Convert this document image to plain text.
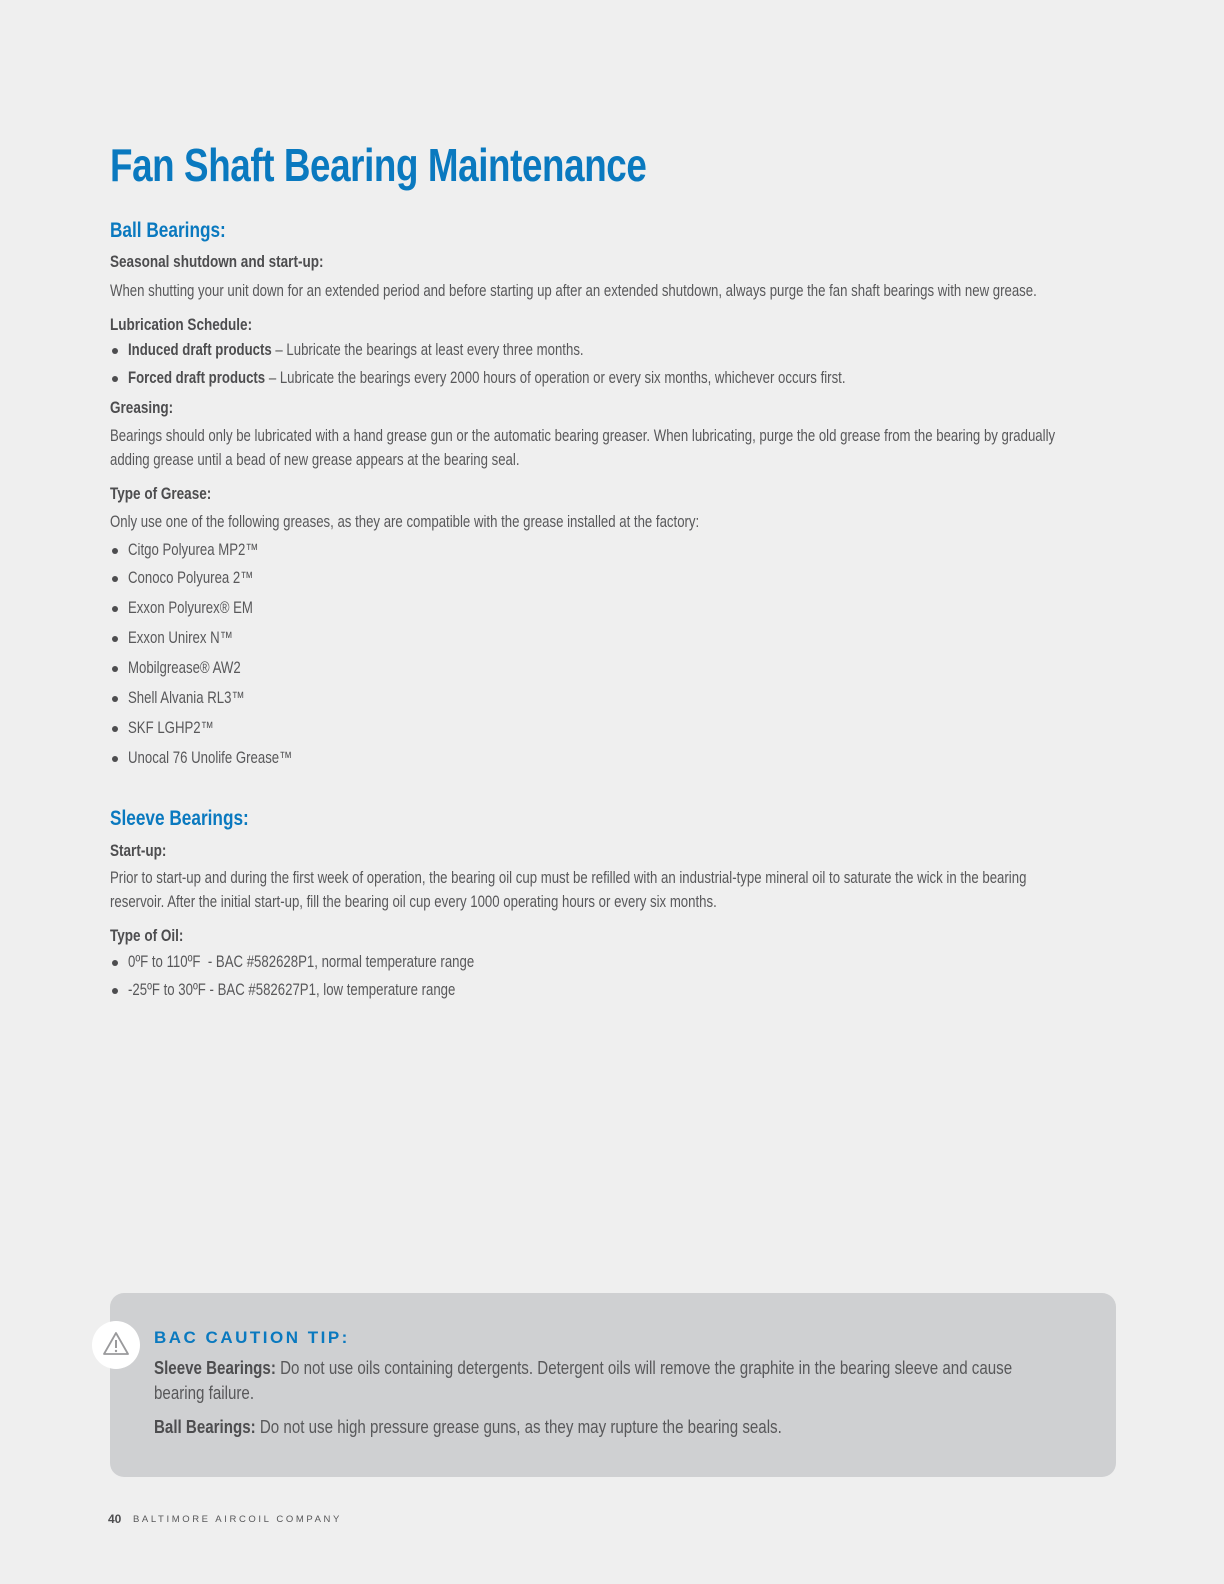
Fan Shaft Bearing Maintenance
Ball Bearings:
Seasonal shutdown and start-up:
When shutting your unit down for an extended period and before starting up after an extended shutdown, always purge the fan shaft bearings with new grease.
Lubrication Schedule:
Induced draft products – Lubricate the bearings at least every three months.
Forced draft products – Lubricate the bearings every 2000 hours of operation or every six months, whichever occurs first.
Greasing:
Bearings should only be lubricated with a hand grease gun or the automatic bearing greaser. When lubricating, purge the old grease from the bearing by gradually
adding grease until a bead of new grease appears at the bearing seal.
Type of Grease:
Only use one of the following greases, as they are compatible with the grease installed at the factory:
Citgo Polyurea MP2™
Conoco Polyurea 2™
Exxon Polyurex® EM
Exxon Unirex N™
Mobilgrease® AW2
Shell Alvania RL3™
SKF LGHP2™
Unocal 76 Unolife Grease™
Sleeve Bearings:
Start-up:
Prior to start-up and during the first week of operation, the bearing oil cup must be refilled with an industrial-type mineral oil to saturate the wick in the bearing
reservoir. After the initial start-up, fill the bearing oil cup every 1000 operating hours or every six months.
Type of Oil:
0ºF to 110ºF  - BAC #582628P1, normal temperature range
-25ºF to 30ºF - BAC #582627P1, low temperature range
BAC CAUTION TIP:
Sleeve Bearings: Do not use oils containing detergents. Detergent oils will remove the graphite in the bearing sleeve and cause
bearing failure.
Ball Bearings: Do not use high pressure grease guns, as they may rupture the bearing seals.
40 BALTIMORE AIRCOIL COMPANY
